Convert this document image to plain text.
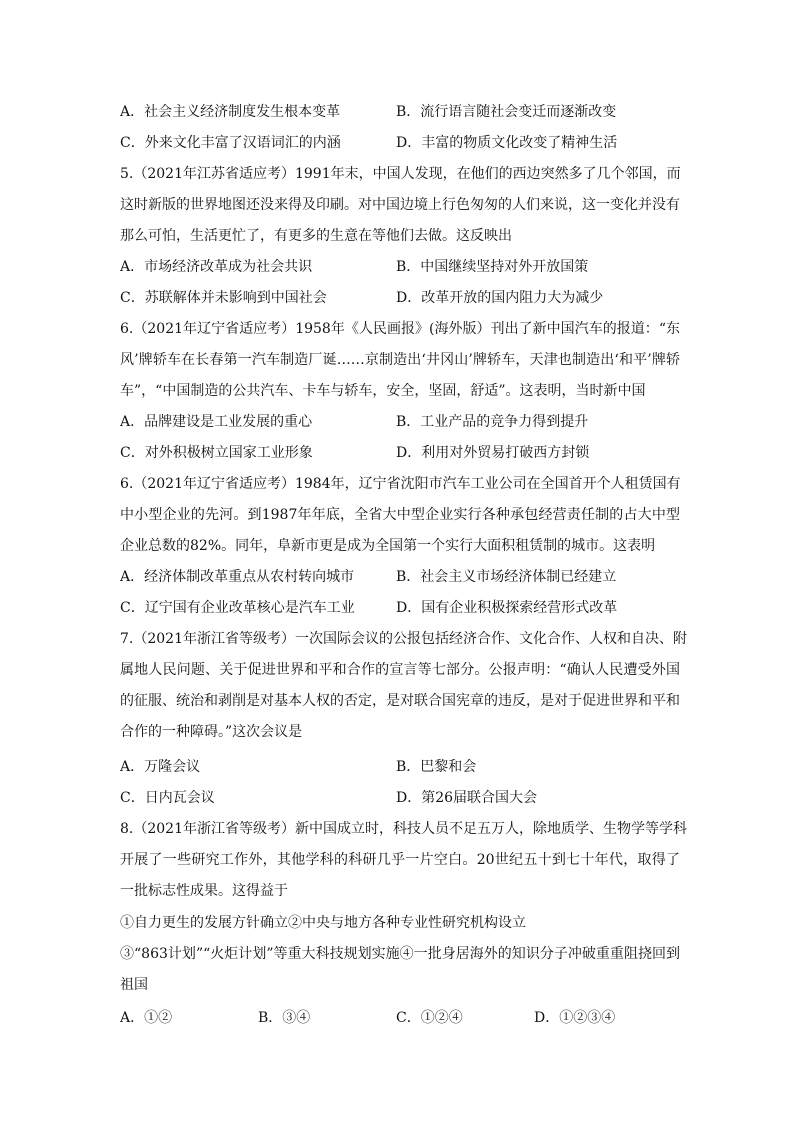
A．社会主义经济制度发生根本变革	B．流行语言随社会变迁而逐渐改变
C．外来文化丰富了汉语词汇的内涵	D．丰富的物质文化改变了精神生活
5.（2021年江苏省适应考）1991年末，中国人发现，在他们的西边突然多了几个邻国，而
这时新版的世界地图还没来得及印刷。对中国边境上行色匆匆的人们来说，这一变化并没有
那么可怕，生活更忙了，有更多的生意在等他们去做。这反映出
A．市场经济改革成为社会共识	B．中国继续坚持对外开放国策
C．苏联解体并未影响到中国社会	D．改革开放的国内阻力大为减少
6.（2021年辽宁省适应考）1958年《人民画报》(海外版）刊出了新中国汽车的报道：“东
风’牌轿车在长春第一汽车制造厂诞……京制造出‘井冈山’牌轿车，天津也制造出‘和平’牌轿
车”，“中国制造的公共汽车、卡车与轿车，安全，坚固，舒适”。这表明，当时新中国
A．品牌建设是工业发展的重心	B．工业产品的竞争力得到提升
C．对外积极树立国家工业形象	D．利用对外贸易打破西方封锁
6.（2021年辽宁省适应考）1984年，辽宁省沈阳市汽车工业公司在全国首开个人租赁国有
中小型企业的先河。到1987年年底，全省大中型企业实行各种承包经营责任制的占大中型
企业总数的82%。同年，阜新市更是成为全国第一个实行大面积租赁制的城市。这表明
A．经济体制改革重点从农村转向城市	B．社会主义市场经济体制已经建立
C．辽宁国有企业改革核心是汽车工业	D．国有企业积极探索经营形式改革
7.（2021年浙江省等级考）一次国际会议的公报包括经济合作、文化合作、人权和自决、附
属地人民问题、关于促进世界和平和合作的宣言等七部分。公报声明：“确认人民遭受外国
的征服、统治和剥削是对基本人权的否定，是对联合国宪章的违反，是对于促进世界和平和
合作的一种障碍。”这次会议是
A．万隆会议	B．巴黎和会
C．日内瓦会议	D．第26届联合国大会
8.（2021年浙江省等级考）新中国成立时，科技人员不足五万人，除地质学、生物学等学科
开展了一些研究工作外，其他学科的科研几乎一片空白。20世纪五十到七十年代，取得了
一批标志性成果。这得益于
①自力更生的发展方针确立②中央与地方各种专业性研究机构设立
③“863计划”“火炬计划”等重大科技规划实施④一批身居海外的知识分子冲破重重阻挠回到
祖国
A．①②	B．③④	C．①②④	D．①②③④
